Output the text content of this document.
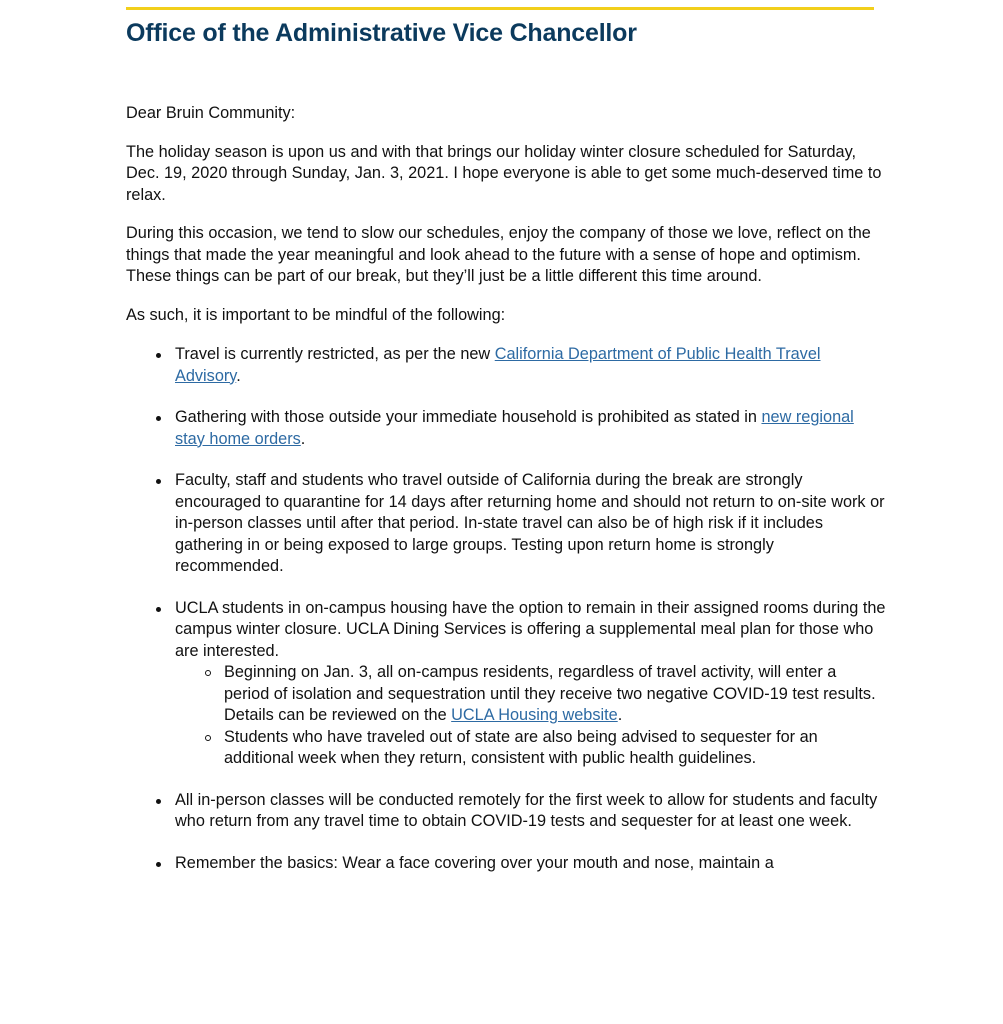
Office of the Administrative Vice Chancellor

Dear Bruin Community:

The holiday season is upon us and with that brings our holiday winter closure scheduled for Saturday, Dec. 19, 2020 through Sunday, Jan. 3, 2021. I hope everyone is able to get some much-deserved time to relax.

During this occasion, we tend to slow our schedules, enjoy the company of those we love, reflect on the things that made the year meaningful and look ahead to the future with a sense of hope and optimism. These things can be part of our break, but they’ll just be a little different this time around.

As such, it is important to be mindful of the following:

Travel is currently restricted, as per the new California Department of Public Health Travel Advisory.
Gathering with those outside your immediate household is prohibited as stated in new regional stay home orders.
Faculty, staff and students who travel outside of California during the break are strongly encouraged to quarantine for 14 days after returning home and should not return to on-site work or in-person classes until after that period. In-state travel can also be of high risk if it includes gathering in or being exposed to large groups. Testing upon return home is strongly recommended.
UCLA students in on-campus housing have the option to remain in their assigned rooms during the campus winter closure. UCLA Dining Services is offering a supplemental meal plan for those who are interested.
Beginning on Jan. 3, all on-campus residents, regardless of travel activity, will enter a period of isolation and sequestration until they receive two negative COVID-19 test results. Details can be reviewed on the UCLA Housing website.
Students who have traveled out of state are also being advised to sequester for an additional week when they return, consistent with public health guidelines.
All in-person classes will be conducted remotely for the first week to allow for students and faculty who return from any travel time to obtain COVID-19 tests and sequester for at least one week.
Remember the basics: Wear a face covering over your mouth and nose, maintain a
